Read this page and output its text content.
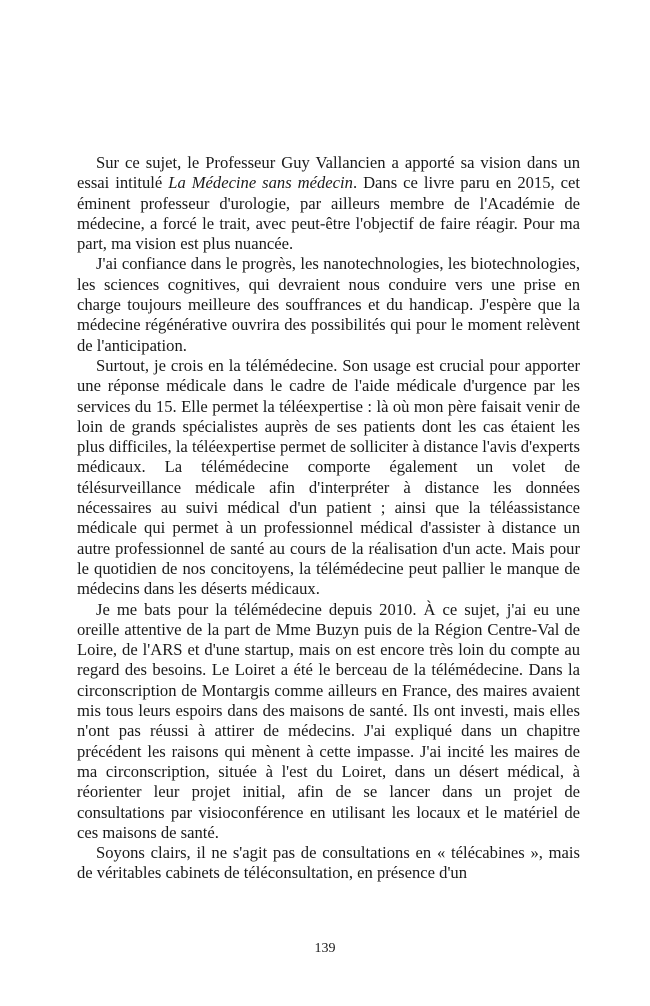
Sur ce sujet, le Professeur Guy Vallancien a apporté sa vision dans un essai intitulé La Médecine sans médecin. Dans ce livre paru en 2015, cet éminent professeur d'urologie, par ailleurs membre de l'Académie de médecine, a forcé le trait, avec peut-être l'objectif de faire réagir. Pour ma part, ma vision est plus nuancée.

J'ai confiance dans le progrès, les nanotechnologies, les biotechnologies, les sciences cognitives, qui devraient nous conduire vers une prise en charge toujours meilleure des souffrances et du handicap. J'espère que la médecine régénérative ouvrira des possibilités qui pour le moment relèvent de l'anticipation.

Surtout, je crois en la télémédecine. Son usage est crucial pour apporter une réponse médicale dans le cadre de l'aide médicale d'urgence par les services du 15. Elle permet la téléexpertise : là où mon père faisait venir de loin de grands spécialistes auprès de ses patients dont les cas étaient les plus difficiles, la téléexpertise permet de solliciter à distance l'avis d'experts médicaux. La télémédecine comporte également un volet de télésurveillance médicale afin d'interpréter à distance les données nécessaires au suivi médical d'un patient ; ainsi que la téléassistance médicale qui permet à un professionnel médical d'assister à distance un autre professionnel de santé au cours de la réalisation d'un acte. Mais pour le quotidien de nos concitoyens, la télémédecine peut pallier le manque de médecins dans les déserts médicaux.

Je me bats pour la télémédecine depuis 2010. À ce sujet, j'ai eu une oreille attentive de la part de Mme Buzyn puis de la Région Centre-Val de Loire, de l'ARS et d'une startup, mais on est encore très loin du compte au regard des besoins. Le Loiret a été le berceau de la télémédecine. Dans la circonscription de Montargis comme ailleurs en France, des maires avaient mis tous leurs espoirs dans des maisons de santé. Ils ont investi, mais elles n'ont pas réussi à attirer de médecins. J'ai expliqué dans un chapitre précédent les raisons qui mènent à cette impasse. J'ai incité les maires de ma circonscription, située à l'est du Loiret, dans un désert médical, à réorienter leur projet initial, afin de se lancer dans un projet de consultations par visioconférence en utilisant les locaux et le matériel de ces maisons de santé.

Soyons clairs, il ne s'agit pas de consultations en « télécabines », mais de véritables cabinets de téléconsultation, en présence d'un

139
